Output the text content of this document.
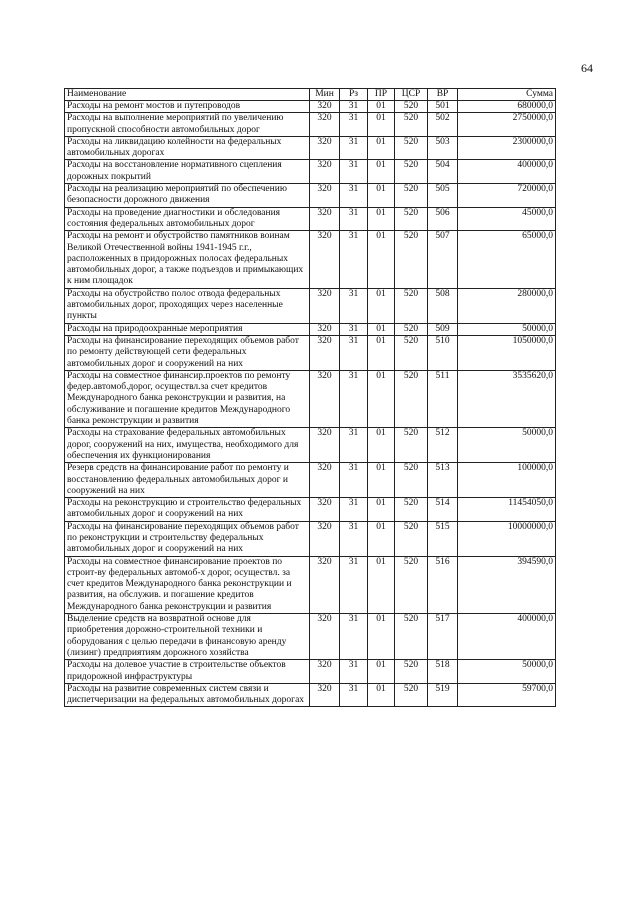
64
Наименование	Мин	Рз	ПР	ЦСР	ВР	Сумма
Расходы на ремонт мостов и путепроводов	320	31	01	520	501	680000,0
Расходы на выполнение мероприятий по увеличению пропускной способности автомобильных дорог	320	31	01	520	502	2750000,0
Расходы на ликвидацию колейности на федеральных автомобильных дорогах	320	31	01	520	503	2300000,0
Расходы на восстановление нормативного сцепления дорожных покрытий	320	31	01	520	504	400000,0
Расходы на реализацию мероприятий по обеспечению безопасности дорожного движения	320	31	01	520	505	720000,0
Расходы на проведение диагностики и обследования состояния федеральных автомобильных дорог	320	31	01	520	506	45000,0
Расходы на ремонт и обустройство памятников воинам Великой Отечественной войны 1941-1945 г.г., расположенных в придорожных полосах федеральных автомобильных дорог, а также подъездов и примыкающих к ним площадок	320	31	01	520	507	65000,0
Расходы на обустройство полос отвода федеральных автомобильных дорог, проходящих через населенные пункты	320	31	01	520	508	280000,0
Расходы на природоохранные мероприятия	320	31	01	520	509	50000,0
Расходы на финансирование переходящих объемов работ по ремонту действующей сети федеральных автомобильных дорог и сооружений на них	320	31	01	520	510	1050000,0
Расходы на совместное финансир.проектов по ремонту федер.автомоб.дорог, осуществл.за счет кредитов Международного банка реконструкции и развития, на обслуживание и погашение кредитов Международного банка реконструкции и развития	320	31	01	520	511	3535620,0
Расходы на страхование федеральных автомобильных дорог, сооружений на них, имущества, необходимого для обеспечения их функционирования	320	31	01	520	512	50000,0
Резерв средств на финансирование работ по ремонту и восстановлению федеральных автомобильных дорог и сооружений на них	320	31	01	520	513	100000,0
Расходы на реконструкцию и строительство федеральных автомобильных дорог и сооружений на них	320	31	01	520	514	11454050,0
Расходы на финансирование переходящих объемов работ по реконструкции и строительству федеральных автомобильных дорог и сооружений на них	320	31	01	520	515	10000000,0
Расходы на совместное финансирование проектов по строит-ву федеральных автомоб-х дорог, осуществл. за счет кредитов Международного банка реконструкции и развития, на обслужив. и погашение кредитов Международного банка реконструкции и развития	320	31	01	520	516	394590,0
Выделение средств на возвратной основе для приобретения дорожно-строительной техники и оборудования с целью передачи в финансовую аренду (лизинг) предприятиям дорожного хозяйства	320	31	01	520	517	400000,0
Расходы на долевое участие в строительстве объектов придорожной инфраструктуры	320	31	01	520	518	50000,0
Расходы на развитие современных систем связи и диспетчеризации на федеральных автомобильных дорогах	320	31	01	520	519	59700,0
